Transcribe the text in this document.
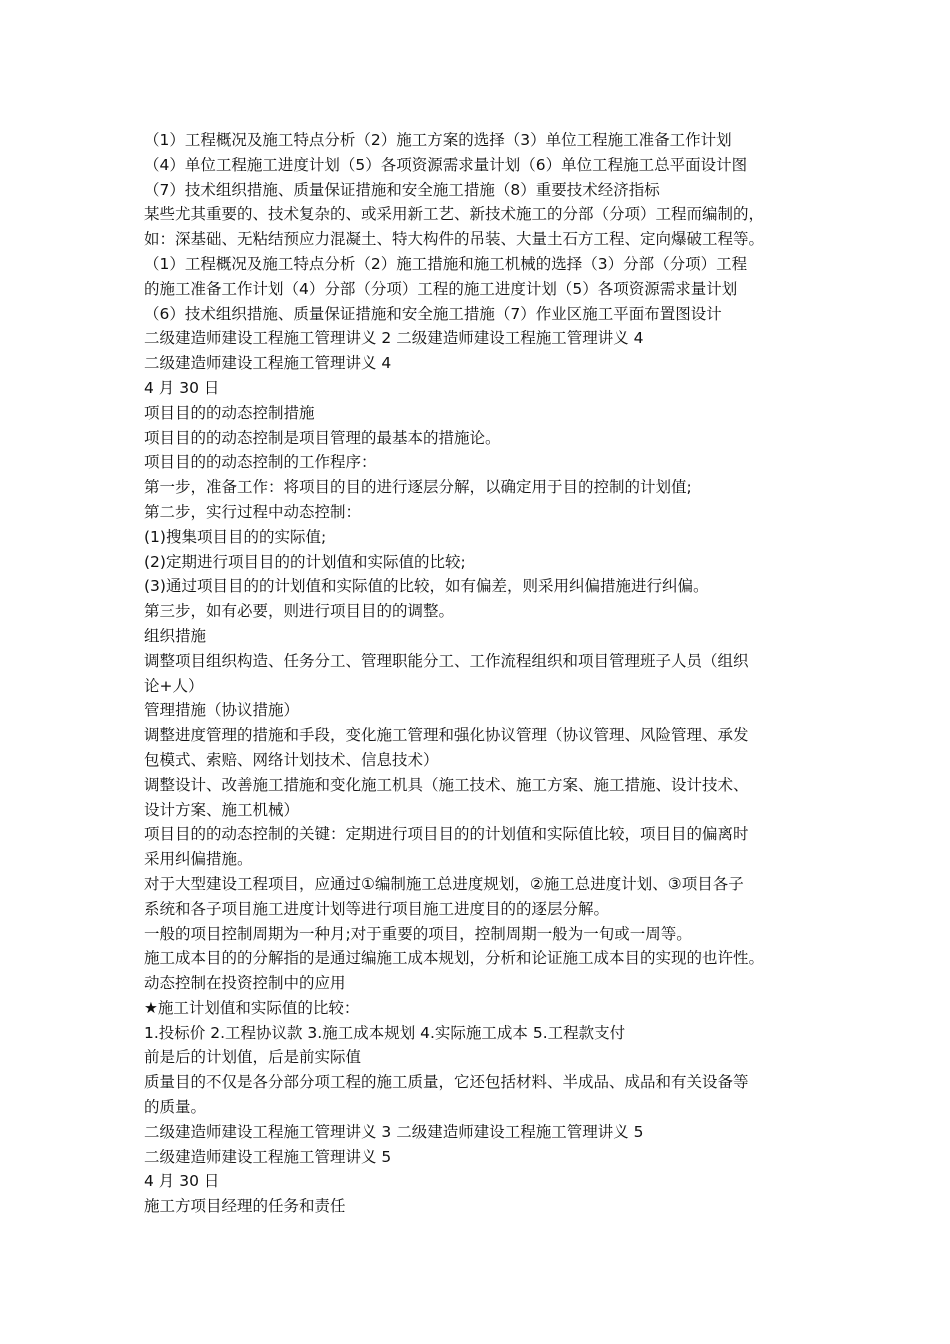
（1）工程概况及施工特点分析（2）施工方案的选择（3）单位工程施工准备工作计划
（4）单位工程施工进度计划（5）各项资源需求量计划（6）单位工程施工总平面设计图
（7）技术组织措施、质量保证措施和安全施工措施（8）重要技术经济指标
某些尤其重要的、技术复杂的、或采用新工艺、新技术施工的分部（分项）工程而编制的，
如：深基础、无粘结预应力混凝土、特大构件的吊装、大量土石方工程、定向爆破工程等。
（1）工程概况及施工特点分析（2）施工措施和施工机械的选择（3）分部（分项）工程
的施工准备工作计划（4）分部（分项）工程的施工进度计划（5）各项资源需求量计划
（6）技术组织措施、质量保证措施和安全施工措施（7）作业区施工平面布置图设计
二级建造师建设工程施工管理讲义 2 二级建造师建设工程施工管理讲义 4
二级建造师建设工程施工管理讲义 4
4 月 30 日
项目目的的动态控制措施
项目目的的动态控制是项目管理的最基本的措施论。
项目目的的动态控制的工作程序：
第一步，准备工作：将项目的目的进行逐层分解，以确定用于目的控制的计划值;
第二步，实行过程中动态控制：
(1)搜集项目目的的实际值;
(2)定期进行项目目的的计划值和实际值的比较;
(3)通过项目目的的计划值和实际值的比较，如有偏差，则采用纠偏措施进行纠偏。
第三步，如有必要，则进行项目目的的调整。
组织措施
调整项目组织构造、任务分工、管理职能分工、工作流程组织和项目管理班子人员（组织
论+人）
管理措施（协议措施）
调整进度管理的措施和手段，变化施工管理和强化协议管理（协议管理、风险管理、承发
包模式、索赔、网络计划技术、信息技术）
调整设计、改善施工措施和变化施工机具（施工技术、施工方案、施工措施、设计技术、
设计方案、施工机械）
项目目的的动态控制的关键：定期进行项目目的的计划值和实际值比较，项目目的偏离时
采用纠偏措施。
对于大型建设工程项目，应通过①编制施工总进度规划，②施工总进度计划、③项目各子
系统和各子项目施工进度计划等进行项目施工进度目的的逐层分解。
一般的项目控制周期为一种月;对于重要的项目，控制周期一般为一旬或一周等。
施工成本目的的分解指的是通过编施工成本规划，分析和论证施工成本目的实现的也许性。
动态控制在投资控制中的应用
★施工计划值和实际值的比较：
1.投标价 2.工程协议款 3.施工成本规划 4.实际施工成本 5.工程款支付
前是后的计划值，后是前实际值
质量目的不仅是各分部分项工程的施工质量，它还包括材料、半成品、成品和有关设备等
的质量。
二级建造师建设工程施工管理讲义 3 二级建造师建设工程施工管理讲义 5
二级建造师建设工程施工管理讲义 5
4 月 30 日
施工方项目经理的任务和责任
